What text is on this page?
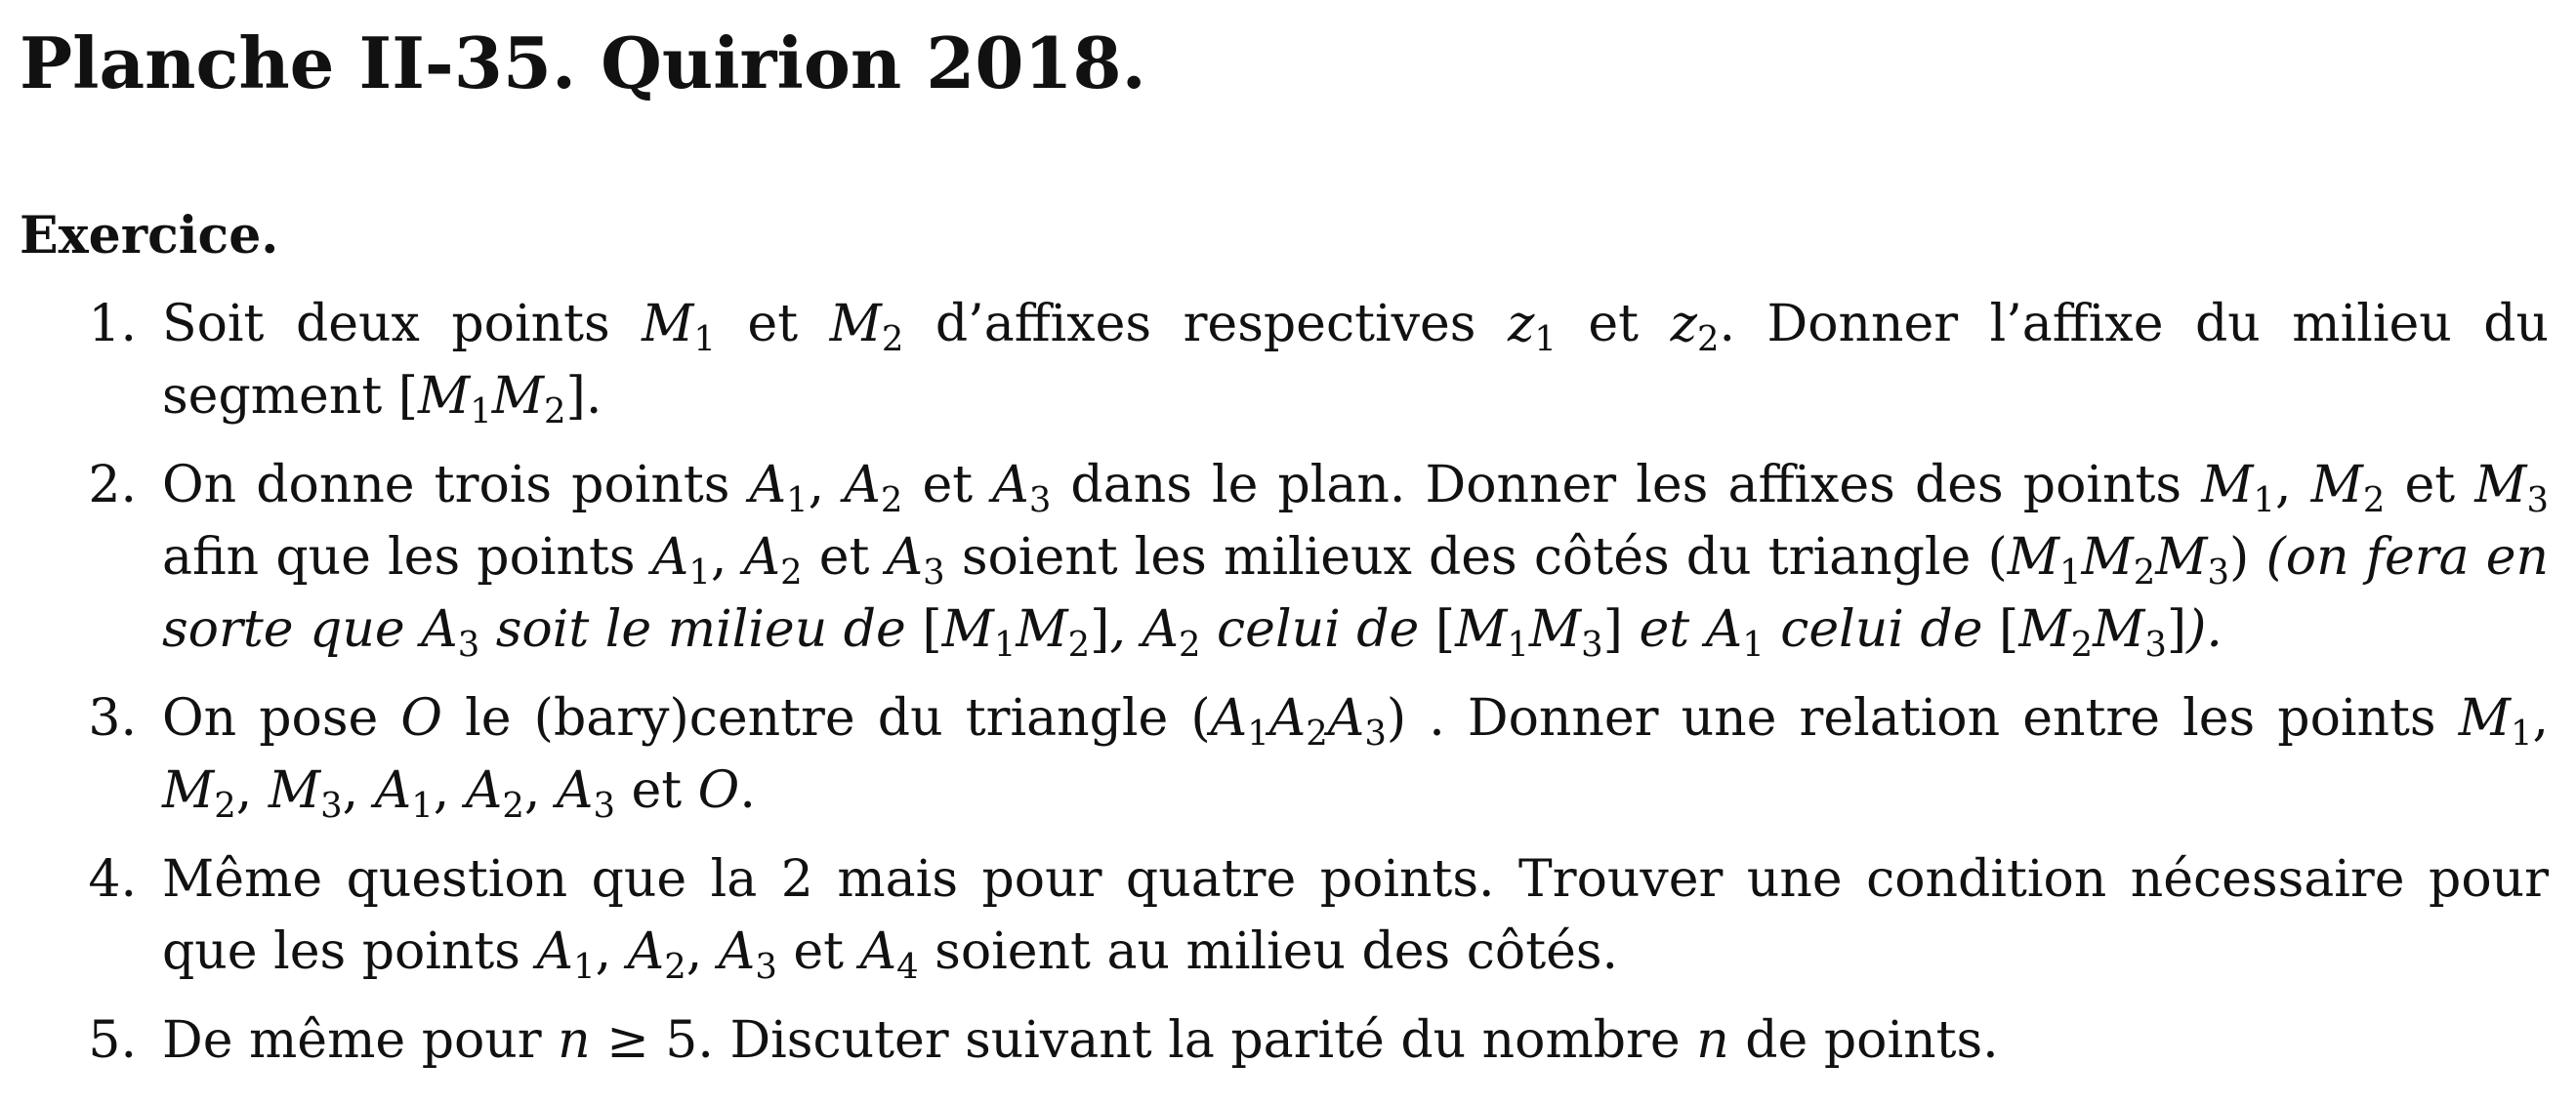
Planche II-35. Quirion 2018.
Exercice.
1 . Soit deux points $M_1$ et $M_2$ d’affixes respectives $z_1$ et $z_2$. Donner l’affixe du milieu du segment $[M_1M_2]$.
2 . On donne trois points $A_1$, $A_2$ et $A_3$ dans le plan. Donner les affixes des points $M_1$, $M_2$ et $M_3$ afin que les points $A_1$, $A_2$ et $A_3$ soient les milieux des côtés du triangle $(M_1M_2M_3)$ (on fera en sorte que $A_3$ soit le milieu de $[M_1M_2]$, $A_2$ celui de $[M_1M_3]$ et $A_1$ celui de $[M_2M_3]$).
3 . On pose O le (bary)centre du triangle $(A_1A_2A_3)$ . Donner une relation entre les points $M_1$, $M_2$, $M_3$, $A_1$, $A_2$, $A_3$ et O.
4 . Même question que la 2 mais pour quatre points. Trouver une condition nécessaire pour que les points $A_1$, $A_2$, $A_3$ et $A_4$ soient au milieu des côtés.
5 . De même pour n ≥ 5. Discuter suivant la parité du nombre n de points.
